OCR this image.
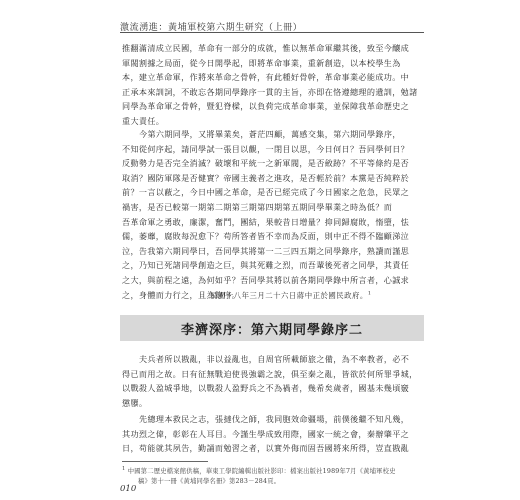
激流湧進：黃埔軍校第六期生研究（上冊）
推翻滿清成立民國，革命有一部分的成就，惟以無革命軍繼其後，致至今釀成
軍閥割據之局面，從今日開學起，即將革命事業，重新創造，以本校學生為
本，建立革命軍，作將來革命之骨幹，有此種好骨幹，革命事業必能成功。中
正承本來訓詞，不敢忘各期同學錄序一貫的主旨，亦即在恪遵總理的遺訓，勉諸
同學為革命軍之骨幹，暨犯脊樑，以負荷完成革命事業，並保障我革命歷史之
重大責任。
今第六期同學，又將畢業矣，蒼茫四顧，萬感交集，第六期同學錄序，
不知從何序起，請同學試一張目以觀，一閉目以思，今日何日？吾同學何日？
反動勢力是否完全消滅？破壞和平統一之新軍閥，是否斂跡？不平等條約是否
取消？國防軍隊是否健實？帝國主義者之進攻，是否輕於前？本黨是否純粹於
前？一言以蔽之，今日中國之革命，是否已經完成了今日國家之危急，民眾之
禍害，是否已較第一期第二期第三期第四期第五期同學畢業之時為低？而
吾革命軍之勇敢，廉潔，奮鬥，團結，果較昔日增量？抑同歸腐敗，惰墮，怯
儒，萎蘼，腐敗每況愈下？苟所答者皆不幸而為反面，則中正不得不臨顧涕泣
泣，告我第六期同學曰，吾同學其將第一二三四五期之同學錄序，熟讀而謹思
之，乃知已死諸同學創造之巨，與其死難之烈，而吾輩後死者之同學，其責任
之大，與前程之遠，為何如乎？吾同學其將以前各期同學錄中所言者，心誠求
之，身體而力行之，且為錄序。
民國十八年三月二十六日蔣中正於國民政府。$^1$
李濟深序：第六期同學錄序二
夫兵者所以戡亂，非以益亂也，自周官所載師旅之備，為不率教者，必不
得已而用之故。日有征無戰迫使畏強霸之說，俱至秦之亂，皆欲於何所罪爭城，
以戰殺人盈城爭地，以戰殺人盈野兵之不為禍者，幾希矣歲者，國基未幾頃竅
懲隳。
先總理本救民之志，張撻伐之師，我同胞效命疆場，前僕後繼不知凡幾，
其功烈之偉，彰彰在人耳目。今謹生學成致用際，國家一統之會，秦辦肇平之
日，苟能就其夙告，勤誦而勉習之者，以實外侮而固吾國將來所得，豈直戡亂
$^1$ 中國第二歷史檔案館供稿，華東工學院編輯出版社影印：檔案出版社1989年7月《黃埔軍校史
稿》第十一冊《黃埔同學名冊》第283－284頁。
010
